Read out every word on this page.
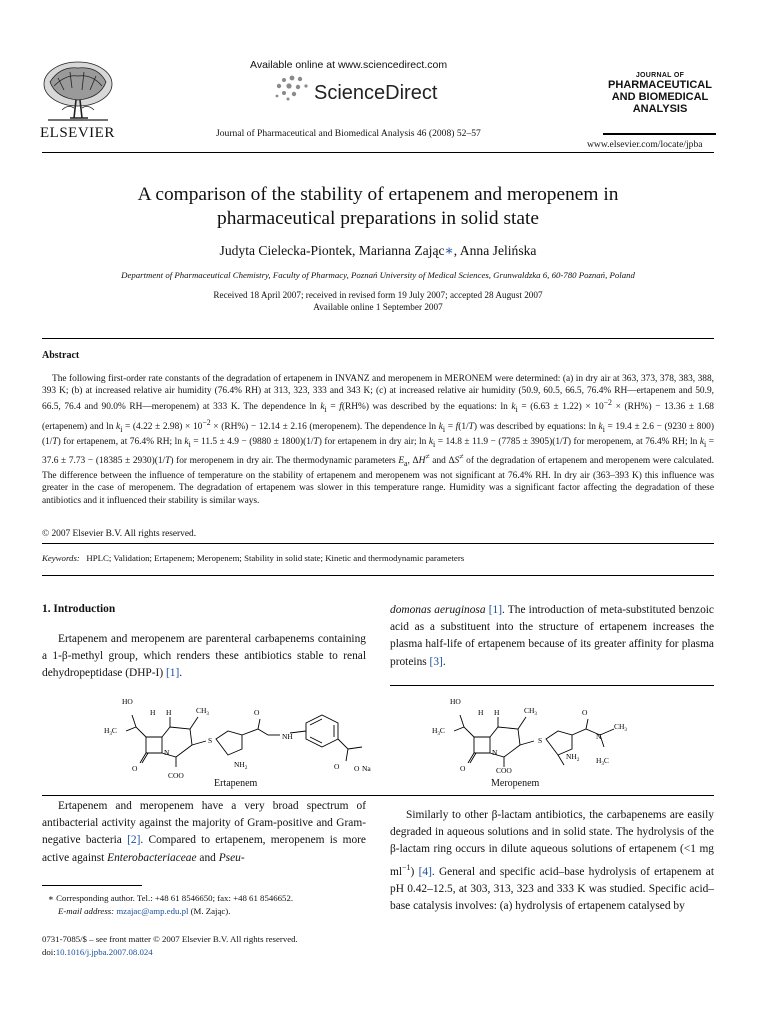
ELSEVIER
Available online at www.sciencedirect.com
ScienceDirect
Journal of Pharmaceutical and Biomedical Analysis 46 (2008) 52–57
JOURNAL OF
PHARMACEUTICAL
AND BIOMEDICAL
ANALYSIS
www.elsevier.com/locate/jpba
A comparison of the stability of ertapenem and meropenem in
pharmaceutical preparations in solid state
Judyta Cielecka-Piontek, Marianna Zając∗, Anna Jelińska
Department of Pharmaceutical Chemistry, Faculty of Pharmacy, Poznań University of Medical Sciences, Grunwaldzka 6, 60-780 Poznań, Poland
Received 18 April 2007; received in revised form 19 July 2007; accepted 28 August 2007
Available online 1 September 2007
Abstract
The following first-order rate constants of the degradation of ertapenem in INVANZ and meropenem in MERONEM were determined: (a) in dry air at 363, 373, 378, 383, 388, 393 K; (b) at increased relative air humidity (76.4% RH) at 313, 323, 333 and 343 K; (c) at increased relative air humidity (50.9, 60.5, 66.5, 76.4% RH—ertapenem and 50.9, 66.5, 76.4 and 90.0% RH—meropenem) at 333 K. The dependence $\ln k_i = f(RH\%)$ was described by the equations: $\ln k_i = (6.63 \pm 1.22) \times 10^{-2} \times (RH\%) - 13.36 \pm 1.68$ (ertapenem) and $\ln k_i = (4.22 \pm 2.98) \times 10^{-2} \times (RH\%) - 12.14 \pm 2.16$ (meropenem). The dependence $\ln k_i = f(1/T)$ was described by equations: $\ln k_i = 19.4 \pm 2.6 - (9230 \pm 800)(1/T)$ for ertapenem, at 76.4% RH; $\ln k_i = 11.5 \pm 4.9 - (9880 \pm 1800)(1/T)$ for ertapenem in dry air; $\ln k_i = 14.8 \pm 11.9 - (7785 \pm 3905)(1/T)$ for meropenem, at 76.4% RH; $\ln k_i = 37.6 \pm 7.73 - (18385 \pm 2930)(1/T)$ for meropenem in dry air. The thermodynamic parameters $E_a$, ΔH≠ and ΔS≠ of the degradation of ertapenem and meropenem were calculated. The difference between the influence of temperature on the stability of ertapenem and meropenem was not significant at 76.4% RH. In dry air (363–393 K) this influence was greater in the case of meropenem. The degradation of ertapenem was slower in this temperature range. Humidity was a significant factor affecting the degradation of these antibiotics and it influenced their stability is similar ways.
© 2007 Elsevier B.V. All rights reserved.
Keywords: HPLC; Validation; Ertapenem; Meropenem; Stability in solid state; Kinetic and thermodynamic parameters
1. Introduction
Ertapenem and meropenem are parenteral carbapenems containing a 1-β-methyl group, which renders these antibiotics stable to renal dehydropeptidase (DHP-I) [1].
domonas aeruginosa [1]. The introduction of meta-substituted benzoic acid as a substituent into the structure of ertapenem increases the plasma half-life of ertapenem because of its greater affinity for plasma proteins [3].
HO
H H	$CH_3$
$H_3C$
N
O
COO
S
$NH_2$
O
NH
O O Na
Ertapenem
HO
H H	$CH_3$
$H_3C$
N
O	COO
S
$NH_2$
O
N
$CH_3$
$H_3C$
Meropenem
Ertapenem and meropenem have a very broad spectrum of antibacterial activity against the majority of Gram-positive and Gram-negative bacteria [2]. Compared to ertapenem, meropenem is more active against Enterobacteriaceae and Pseu-
∗ Corresponding author. Tel.: +48 61 8546650; fax: +48 61 8546652.
E-mail address: mzajac@amp.edu.pl (M. Zając).
0731-7085/$ – see front matter © 2007 Elsevier B.V. All rights reserved.
doi:10.1016/j.jpba.2007.08.024
Similarly to other β-lactam antibiotics, the carbapenems are easily degraded in aqueous solutions and in solid state. The hydrolysis of the β-lactam ring occurs in dilute aqueous solutions of ertapenem (<1 mg $ml^{-1}$) [4]. General and specific acid–base hydrolysis of ertapenem at pH 0.42–12.5, at 303, 313, 323 and 333 K was studied. Specific acid–base catalysis involves: (a) hydrolysis of ertapenem catalysed by
